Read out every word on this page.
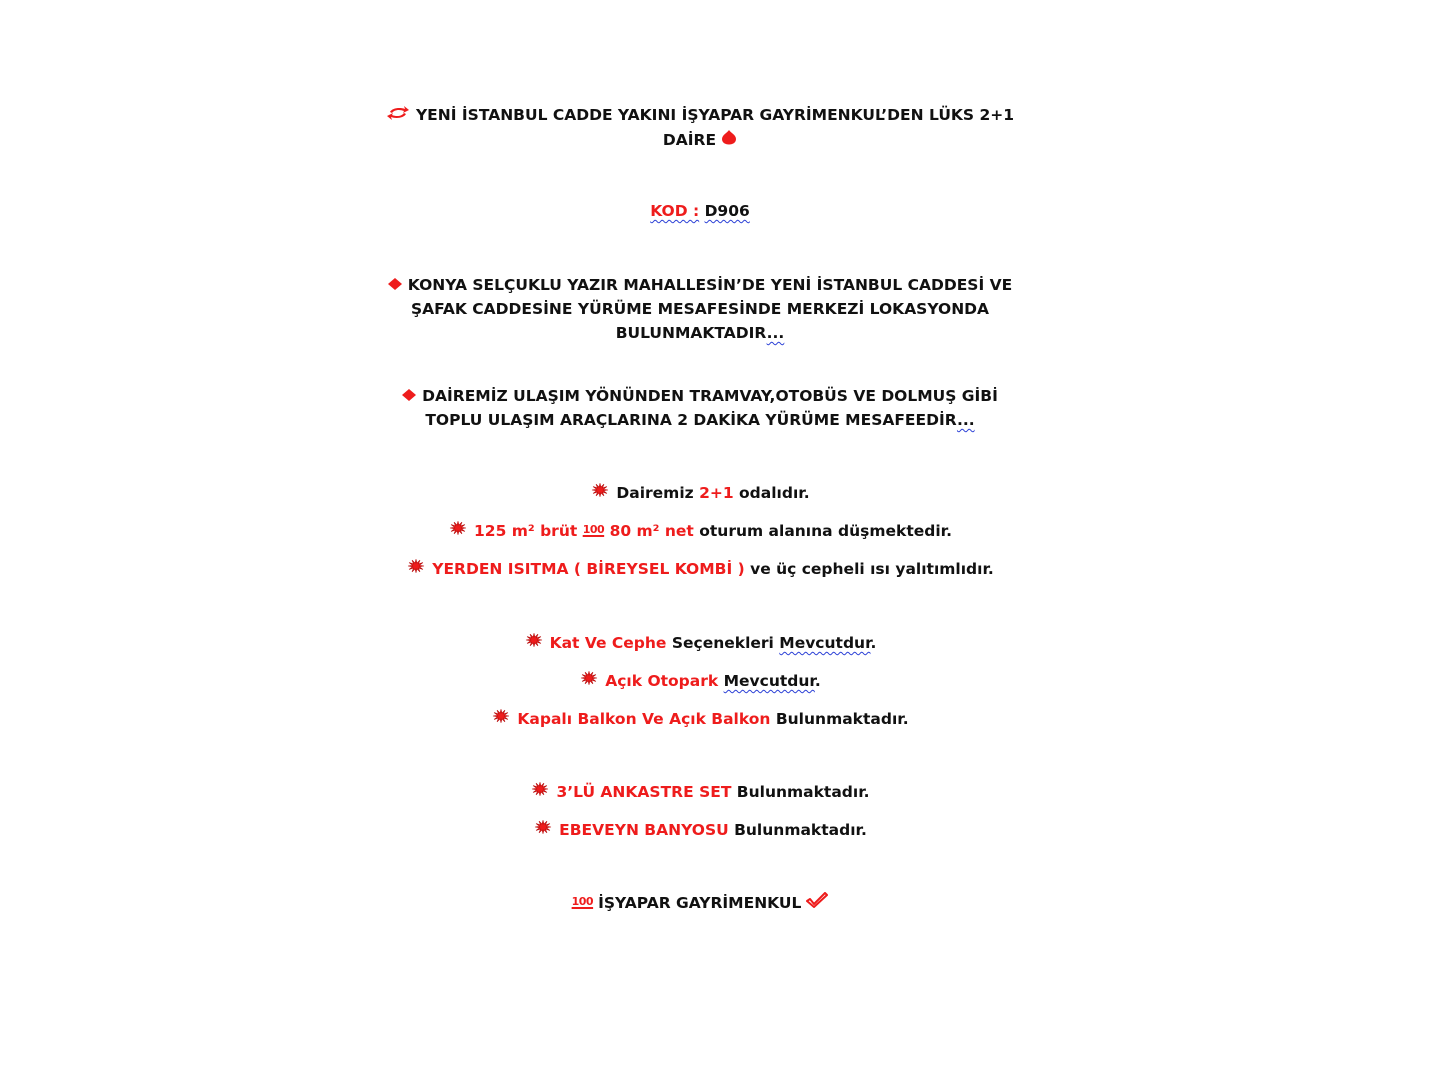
YENİ İSTANBUL CADDE YAKINI İŞYAPAR GAYRİMENKUL’DEN LÜKS 2+1
DAİRE
KOD : D906
KONYA SELÇUKLU YAZIR MAHALLESİN’DE YENİ İSTANBUL CADDESİ VE
ŞAFAK CADDESİNE YÜRÜME MESAFESİNDE MERKEZİ LOKASYONDA
BULUNMAKTADIR...
DAİREMİZ ULAŞIM YÖNÜNDEN TRAMVAY,OTOBÜS VE DOLMUŞ GİBİ
TOPLU ULAŞIM ARAÇLARINA 2 DAKİKA YÜRÜME MESAFEEDİR...
Dairemiz 2+1 odalıdır.
125 m² brüt 100 80 m² net oturum alanına düşmektedir.
YERDEN ISITMA ( BİREYSEL KOMBİ ) ve üç cepheli ısı yalıtımlıdır.
Kat Ve Cephe Seçenekleri Mevcutdur.
Açık Otopark Mevcutdur.
Kapalı Balkon Ve Açık Balkon Bulunmaktadır.
3’LÜ ANKASTRE SET Bulunmaktadır.
EBEVEYN BANYOSU Bulunmaktadır.
100 İŞYAPAR GAYRİMENKUL
